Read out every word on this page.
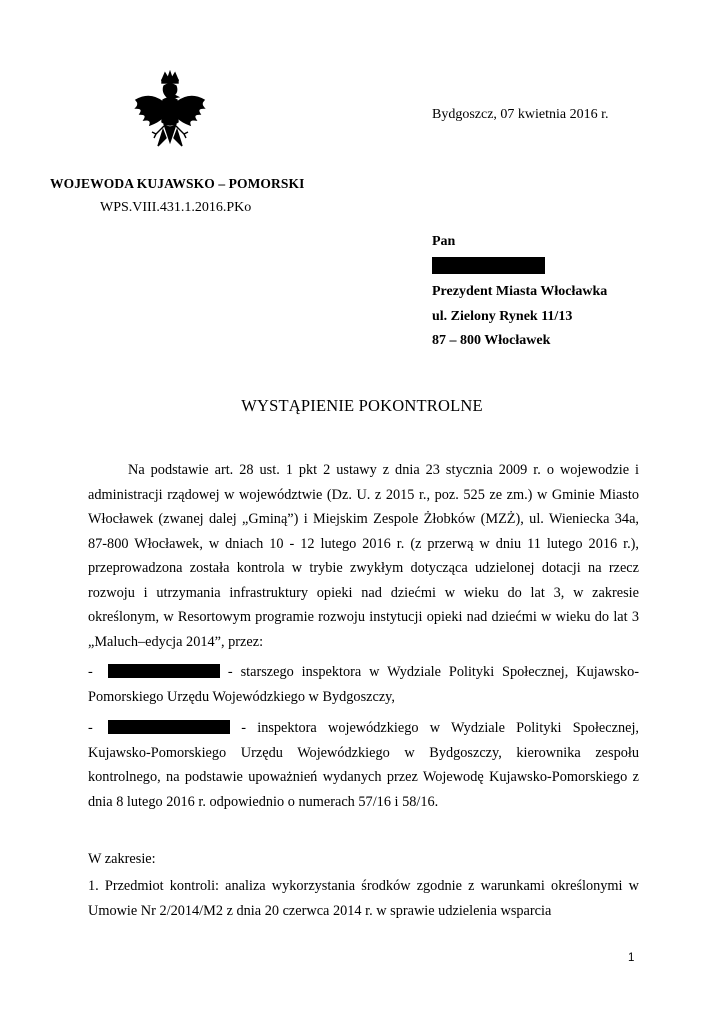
Bydgoszcz, 07 kwietnia 2016 r.
WOJEWODA KUJAWSKO – POMORSKI
WPS.VIII.431.1.2016.PKo
Pan
Prezydent Miasta Włocławka
ul. Zielony Rynek 11/13
87 – 800 Włocławek
WYSTĄPIENIE POKONTROLNE
Na podstawie art. 28 ust. 1 pkt 2 ustawy z dnia 23 stycznia 2009 r. o wojewodzie i administracji rządowej w województwie (Dz. U. z 2015 r., poz. 525 ze zm.) w Gminie Miasto Włocławek (zwanej dalej „Gminą”) i Miejskim Zespole Żłobków (MZŻ), ul. Wieniecka 34a, 87-800 Włocławek, w dniach 10 - 12 lutego 2016 r. (z przerwą w dniu 11 lutego 2016 r.), przeprowadzona została kontrola w trybie zwykłym dotycząca udzielonej dotacji na rzecz rozwoju i utrzymania infrastruktury opieki nad dziećmi w wieku do lat 3, w zakresie określonym, w Resortowym programie rozwoju instytucji opieki nad dziećmi w wieku do lat 3 „Maluch–edycja 2014”, przez:
-	- starszego inspektora w Wydziale Polityki Społecznej, Kujawsko-Pomorskiego Urzędu Wojewódzkiego w Bydgoszczy,
-	- inspektora wojewódzkiego w Wydziale Polityki Społecznej, Kujawsko-Pomorskiego Urzędu Wojewódzkiego w Bydgoszczy, kierownika zespołu kontrolnego, na podstawie upoważnień wydanych przez Wojewodę Kujawsko-Pomorskiego z dnia 8 lutego 2016 r. odpowiednio o numerach 57/16 i 58/16.
W zakresie:
1. Przedmiot kontroli: analiza wykorzystania środków zgodnie z warunkami określonymi w Umowie Nr 2/2014/M2 z dnia 20 czerwca 2014 r. w sprawie udzielenia wsparcia
1
